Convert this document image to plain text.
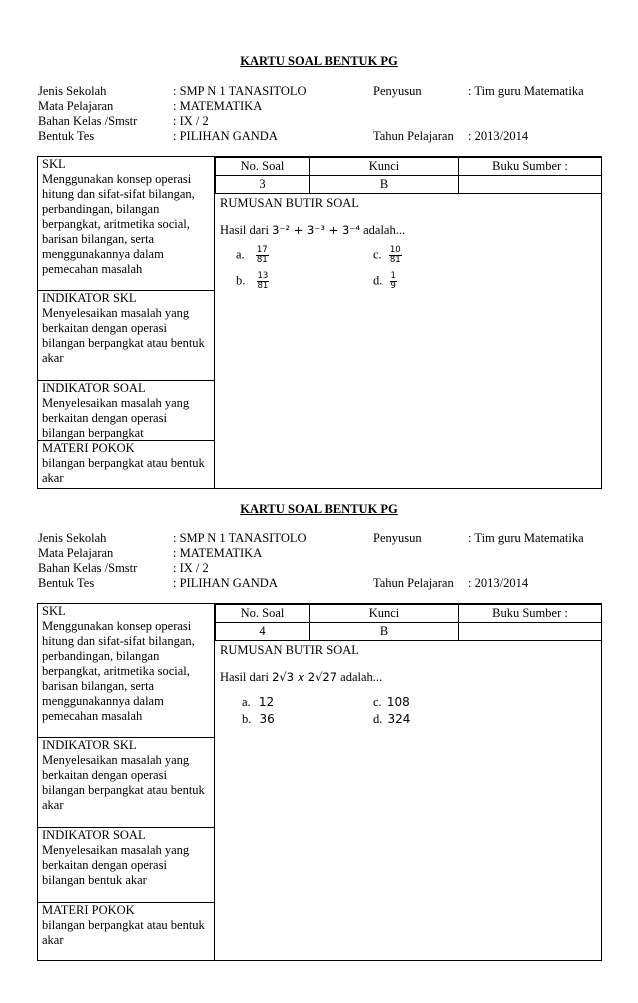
KARTU SOAL BENTUK PG
Jenis Sekolah	: SMP N 1 TANASITOLO	Penyusun	: Tim guru Matematika
Mata Pelajaran	: MATEMATIKA
Bahan Kelas /Smstr	: IX / 2
Bentuk Tes	: PILIHAN GANDA	Tahun Pelajaran : 2013/2014
SKL
Menggunakan konsep operasi hitung dan sifat-sifat bilangan, perbandingan, bilangan berpangkat, aritmetika social, barisan bilangan, serta menggunakannya dalam pemecahan masalah
INDIKATOR SKL
Menyelesaikan masalah yang berkaitan dengan operasi bilangan berpangkat atau bentuk akar
INDIKATOR SOAL
Menyelesaikan masalah yang berkaitan dengan operasi bilangan berpangkat
MATERI POKOK
bilangan berpangkat atau bentuk akar

No. Soal	Kunci	Buku Sumber :
3	B	
RUMUSAN BUTIR SOAL
Hasil dari 3⁻² + 3⁻³ + 3⁻⁴ adalah...
a. $\frac{17}{81}$
b. $\frac{13}{81}$
c. $\frac{10}{81}$
d. $\frac{1}{9}$
KARTU SOAL BENTUK PG
Jenis Sekolah	: SMP N 1 TANASITOLO	Penyusun	: Tim guru Matematika
Mata Pelajaran	: MATEMATIKA
Bahan Kelas /Smstr	: IX / 2
Bentuk Tes	: PILIHAN GANDA	Tahun Pelajaran : 2013/2014
SKL
Menggunakan konsep operasi hitung dan sifat-sifat bilangan, perbandingan, bilangan berpangkat, aritmetika social, barisan bilangan, serta menggunakannya dalam pemecahan masalah
INDIKATOR SKL
Menyelesaikan masalah yang berkaitan dengan operasi bilangan berpangkat atau bentuk akar
INDIKATOR SOAL
Menyelesaikan masalah yang berkaitan dengan operasi bilangan bentuk akar
MATERI POKOK
bilangan berpangkat atau bentuk akar

No. Soal	Kunci	Buku Sumber :
4	B	
RUMUSAN BUTIR SOAL
Hasil dari 2√3 𝑥 2√27 adalah...
a. 12
b. 36
c. 108
d. 324
